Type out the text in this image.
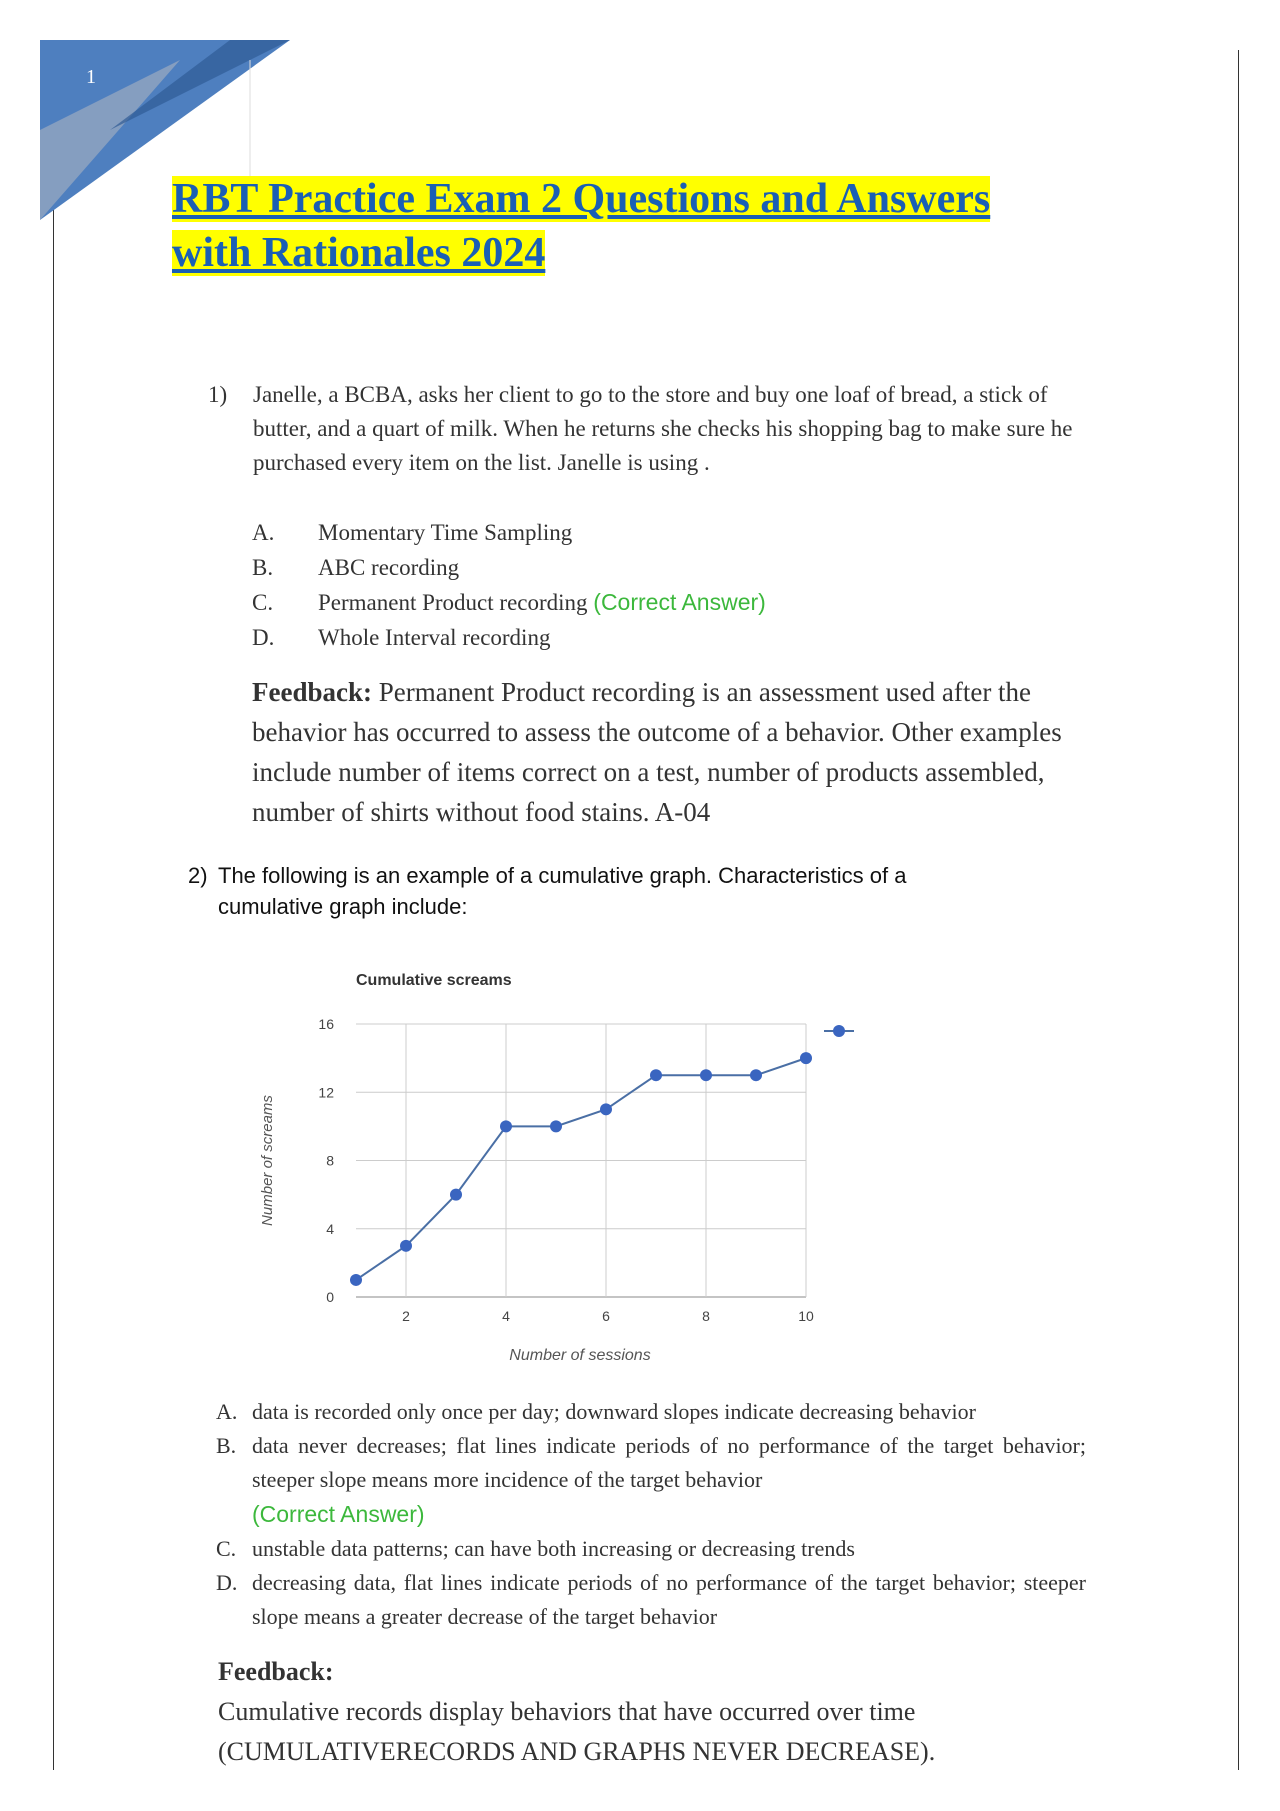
1
RBT Practice Exam 2 Questions and Answers
with Rationales 2024
1) Janelle, a BCBA, asks her client to go to the store and buy one loaf of bread, a stick of butter, and a quart of milk. When he returns she checks his shopping bag to make sure he purchased every item on the list. Janelle is using .
A. Momentary Time Sampling
B. ABC recording
C. Permanent Product recording (Correct Answer)
D. Whole Interval recording
Feedback: Permanent Product recording is an assessment used after the behavior has occurred to assess the outcome of a behavior. Other examples include number of items correct on a test, number of products assembled, number of shirts without food stains. A-04
2) The following is an example of a cumulative graph. Characteristics of a cumulative graph include:
Cumulative screams
Number of screams
Number of sessions
0
4
8
12
16
2	4	6	8	10
A. data is recorded only once per day; downward slopes indicate decreasing behavior
B. data never decreases; flat lines indicate periods of no performance of the target behavior; steeper slope means more incidence of the target behavior
(Correct Answer)
C. unstable data patterns; can have both increasing or decreasing trends
D. decreasing data, flat lines indicate periods of no performance of the target behavior; steeper slope means a greater decrease of the target behavior
Feedback:
Cumulative records display behaviors that have occurred over time
(CUMULATIVERECORDS AND GRAPHS NEVER DECREASE).
